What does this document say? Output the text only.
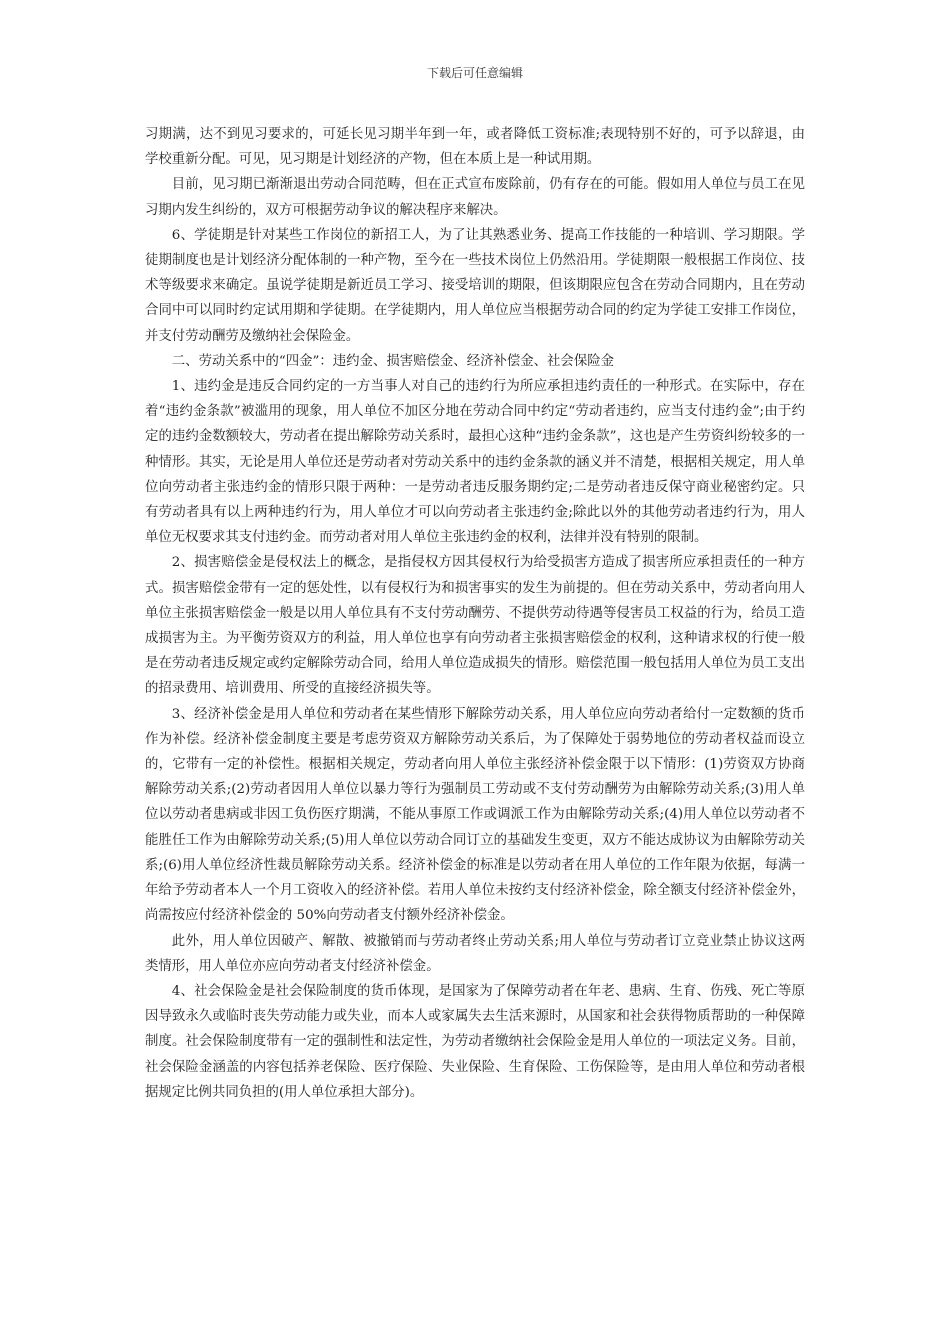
下载后可任意编辑

习期满，达不到见习要求的，可延长见习期半年到一年，或者降低工资标准;表现特别不好的，可予以辞退，由学校重新分配。可见，见习期是计划经济的产物，但在本质上是一种试用期。

目前，见习期已渐渐退出劳动合同范畴，但在正式宣布废除前，仍有存在的可能。假如用人单位与员工在见习期内发生纠纷的，双方可根据劳动争议的解决程序来解决。

6、学徒期是针对某些工作岗位的新招工人，为了让其熟悉业务、提高工作技能的一种培训、学习期限。学徒期制度也是计划经济分配体制的一种产物，至今在一些技术岗位上仍然沿用。学徒期限一般根据工作岗位、技术等级要求来确定。虽说学徒期是新近员工学习、接受培训的期限，但该期限应包含在劳动合同期内，且在劳动合同中可以同时约定试用期和学徒期。在学徒期内，用人单位应当根据劳动合同的约定为学徒工安排工作岗位，并支付劳动酬劳及缴纳社会保险金。

二、劳动关系中的“四金”：违约金、损害赔偿金、经济补偿金、社会保险金

1、违约金是违反合同约定的一方当事人对自己的违约行为所应承担违约责任的一种形式。在实际中，存在着“违约金条款”被滥用的现象，用人单位不加区分地在劳动合同中约定“劳动者违约，应当支付违约金”;由于约定的违约金数额较大，劳动者在提出解除劳动关系时，最担心这种“违约金条款”，这也是产生劳资纠纷较多的一种情形。其实，无论是用人单位还是劳动者对劳动关系中的违约金条款的涵义并不清楚，根据相关规定，用人单位向劳动者主张违约金的情形只限于两种：一是劳动者违反服务期约定;二是劳动者违反保守商业秘密约定。只有劳动者具有以上两种违约行为，用人单位才可以向劳动者主张违约金;除此以外的其他劳动者违约行为，用人单位无权要求其支付违约金。而劳动者对用人单位主张违约金的权利，法律并没有特别的限制。

2、损害赔偿金是侵权法上的概念，是指侵权方因其侵权行为给受损害方造成了损害所应承担责任的一种方式。损害赔偿金带有一定的惩处性，以有侵权行为和损害事实的发生为前提的。但在劳动关系中，劳动者向用人单位主张损害赔偿金一般是以用人单位具有不支付劳动酬劳、不提供劳动待遇等侵害员工权益的行为，给员工造成损害为主。为平衡劳资双方的利益，用人单位也享有向劳动者主张损害赔偿金的权利，这种请求权的行使一般是在劳动者违反规定或约定解除劳动合同，给用人单位造成损失的情形。赔偿范围一般包括用人单位为员工支出的招录费用、培训费用、所受的直接经济损失等。

3、经济补偿金是用人单位和劳动者在某些情形下解除劳动关系，用人单位应向劳动者给付一定数额的货币作为补偿。经济补偿金制度主要是考虑劳资双方解除劳动关系后，为了保障处于弱势地位的劳动者权益而设立的，它带有一定的补偿性。根据相关规定，劳动者向用人单位主张经济补偿金限于以下情形：(1)劳资双方协商解除劳动关系;(2)劳动者因用人单位以暴力等行为强制员工劳动或不支付劳动酬劳为由解除劳动关系;(3)用人单位以劳动者患病或非因工负伤医疗期满，不能从事原工作或调派工作为由解除劳动关系;(4)用人单位以劳动者不能胜任工作为由解除劳动关系;(5)用人单位以劳动合同订立的基础发生变更，双方不能达成协议为由解除劳动关系;(6)用人单位经济性裁员解除劳动关系。经济补偿金的标准是以劳动者在用人单位的工作年限为依据，每满一年给予劳动者本人一个月工资收入的经济补偿。若用人单位未按约支付经济补偿金，除全额支付经济补偿金外，尚需按应付经济补偿金的 50%向劳动者支付额外经济补偿金。

此外，用人单位因破产、解散、被撤销而与劳动者终止劳动关系;用人单位与劳动者订立竞业禁止协议这两类情形，用人单位亦应向劳动者支付经济补偿金。

4、社会保险金是社会保险制度的货币体现，是国家为了保障劳动者在年老、患病、生育、伤残、死亡等原因导致永久或临时丧失劳动能力或失业，而本人或家属失去生活来源时，从国家和社会获得物质帮助的一种保障制度。社会保险制度带有一定的强制性和法定性，为劳动者缴纳社会保险金是用人单位的一项法定义务。目前，社会保险金涵盖的内容包括养老保险、医疗保险、失业保险、生育保险、工伤保险等，是由用人单位和劳动者根据规定比例共同负担的(用人单位承担大部分)。
